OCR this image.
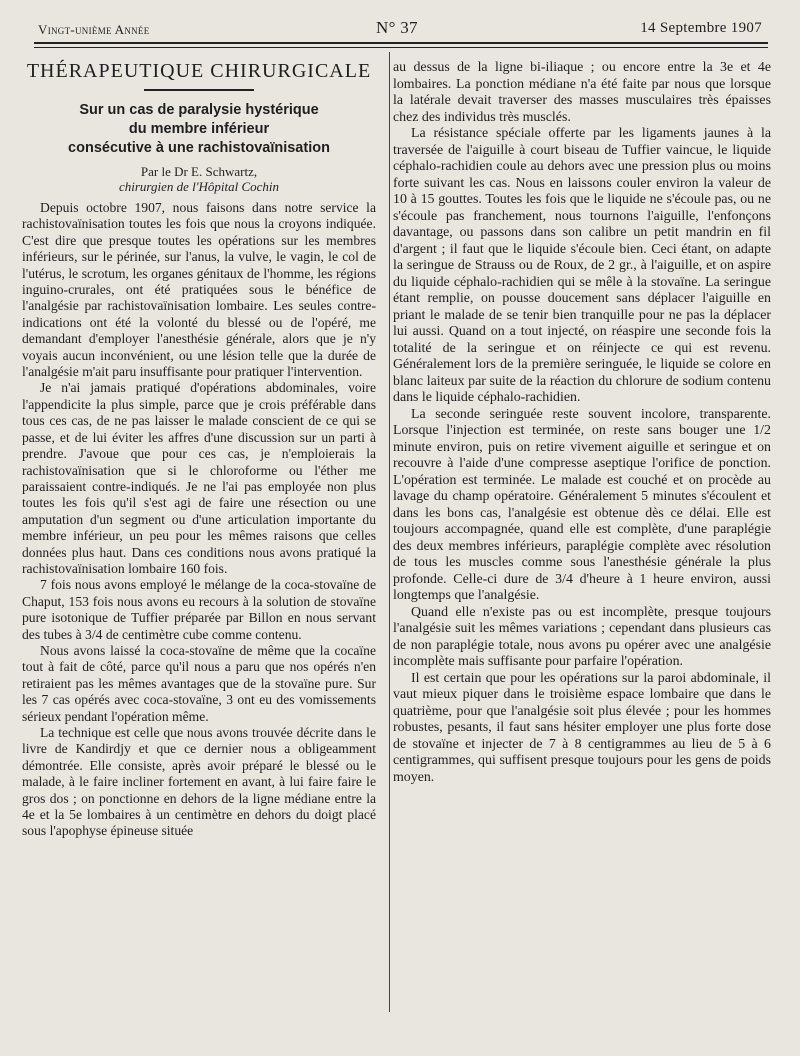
Vingt-unième Année	N° 37	14 Septembre 1907
THÉRAPEUTIQUE CHIRURGICALE
Sur un cas de paralysie hystérique
du membre inférieur
consécutive à une rachistovaïnisation
Par le Dr E. Schwartz,
chirurgien de l'Hôpital Cochin

Depuis octobre 1907, nous faisons dans notre service la rachistovaïnisation toutes les fois que nous la croyons indiquée. C'est dire que presque toutes les opérations sur les membres inférieurs, sur le périnée, sur l'anus, la vulve, le vagin, le col de l'utérus, le scrotum, les organes génitaux de l'homme, les régions inguino-crurales, ont été pratiquées sous le bénéfice de l'analgésie par rachistovaïnisation lombaire. Les seules contre-indications ont été la volonté du blessé ou de l'opéré, me demandant d'employer l'anesthésie générale, alors que je n'y voyais aucun inconvénient, ou une lésion telle que la durée de l'analgésie m'ait paru insuffisante pour pratiquer l'intervention.

Je n'ai jamais pratiqué d'opérations abdominales, voire l'appendicite la plus simple, parce que je crois préférable dans tous ces cas, de ne pas laisser le malade conscient de ce qui se passe, et de lui éviter les affres d'une discussion sur un parti à prendre. J'avoue que pour ces cas, je n'emploierais la rachistovaïnisation que si le chloroforme ou l'éther me paraissaient contre-indiqués. Je ne l'ai pas employée non plus toutes les fois qu'il s'est agi de faire une résection ou une amputation d'un segment ou d'une articulation importante du membre inférieur, un peu pour les mêmes raisons que celles données plus haut. Dans ces conditions nous avons pratiqué la rachistovaïnisation lombaire 160 fois.

7 fois nous avons employé le mélange de la coca-stovaïne de Chaput, 153 fois nous avons eu recours à la solution de stovaïne pure isotonique de Tuffier préparée par Billon en nous servant des tubes à 3/4 de centimètre cube comme contenu.

Nous avons laissé la coca-stovaïne de même que la cocaïne tout à fait de côté, parce qu'il nous a paru que nos opérés n'en retiraient pas les mêmes avantages que de la stovaïne pure. Sur les 7 cas opérés avec coca-stovaïne, 3 ont eu des vomissements sérieux pendant l'opération même.

La technique est celle que nous avons trouvée décrite dans le livre de Kandirdjy et que ce dernier nous a obligeamment démontrée. Elle consiste, après avoir préparé le blessé ou le malade, à le faire incliner fortement en avant, à lui faire faire le gros dos ; on ponctionne en dehors de la ligne médiane entre la 4e et la 5e lombaires à un centimètre en dehors du doigt placé sous l'apophyse épineuse située

au dessus de la ligne bi-iliaque ; ou encore entre la 3e et 4e lombaires. La ponction médiane n'a été faite par nous que lorsque la latérale devait traverser des masses musculaires très épaisses chez des individus très musclés.

La résistance spéciale offerte par les ligaments jaunes à la traversée de l'aiguille à court biseau de Tuffier vaincue, le liquide céphalo-rachidien coule au dehors avec une pression plus ou moins forte suivant les cas. Nous en laissons couler environ la valeur de 10 à 15 gouttes. Toutes les fois que le liquide ne s'écoule pas, ou ne s'écoule pas franchement, nous tournons l'aiguille, l'enfonçons davantage, ou passons dans son calibre un petit mandrin en fil d'argent ; il faut que le liquide s'écoule bien. Ceci étant, on adapte la seringue de Strauss ou de Roux, de 2 gr., à l'aiguille, et on aspire du liquide céphalo-rachidien qui se mêle à la stovaïne. La seringue étant remplie, on pousse doucement sans déplacer l'aiguille en priant le malade de se tenir bien tranquille pour ne pas la déplacer lui aussi. Quand on a tout injecté, on réaspire une seconde fois la totalité de la seringue et on réinjecte ce qui est revenu. Généralement lors de la première seringuée, le liquide se colore en blanc laiteux par suite de la réaction du chlorure de sodium contenu dans le liquide céphalo-rachidien.

La seconde seringuée reste souvent incolore, transparente. Lorsque l'injection est terminée, on reste sans bouger une 1/2 minute environ, puis on retire vivement aiguille et seringue et on recouvre à l'aide d'une compresse aseptique l'orifice de ponction. L'opération est terminée. Le malade est couché et on procède au lavage du champ opératoire. Généralement 5 minutes s'écoulent et dans les bons cas, l'analgésie est obtenue dès ce délai. Elle est toujours accompagnée, quand elle est complète, d'une paraplégie des deux membres inférieurs, paraplégie complète avec résolution de tous les muscles comme sous l'anesthésie générale la plus profonde. Celle-ci dure de 3/4 d'heure à 1 heure environ, aussi longtemps que l'analgésie.

Quand elle n'existe pas ou est incomplète, presque toujours l'analgésie suit les mêmes variations ; cependant dans plusieurs cas de non paraplégie totale, nous avons pu opérer avec une analgésie incomplète mais suffisante pour parfaire l'opération.

Il est certain que pour les opérations sur la paroi abdominale, il vaut mieux piquer dans le troisième espace lombaire que dans le quatrième, pour que l'analgésie soit plus élevée ; pour les hommes robustes, pesants, il faut sans hésiter employer une plus forte dose de stovaïne et injecter de 7 à 8 centigrammes au lieu de 5 à 6 centigrammes, qui suffisent presque toujours pour les gens de poids moyen.
